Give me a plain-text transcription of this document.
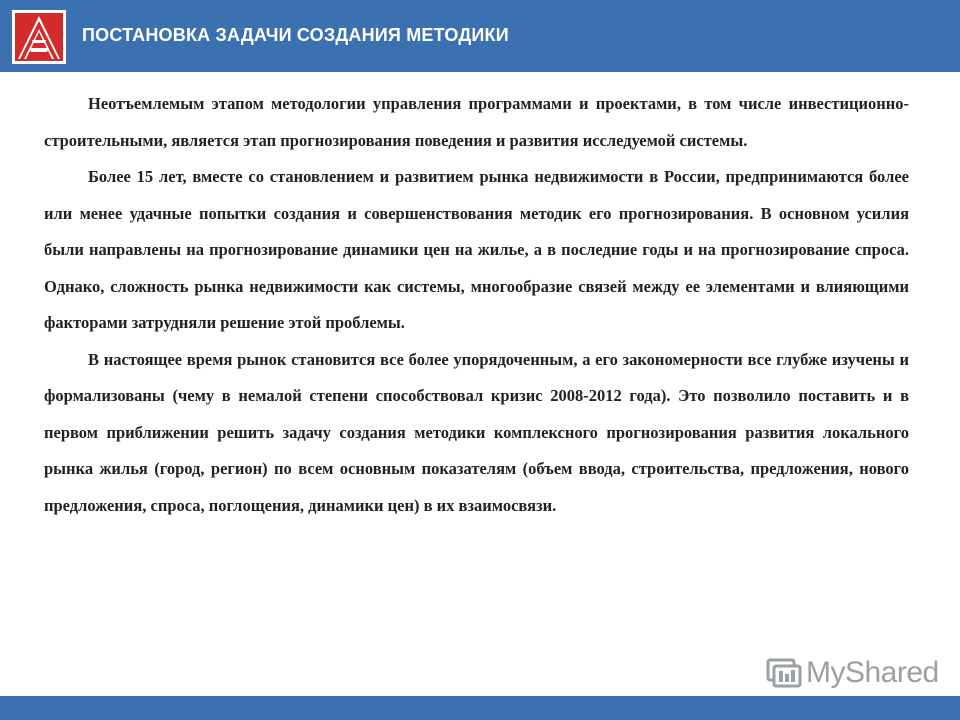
ПОСТАНОВКА ЗАДАЧИ СОЗДАНИЯ МЕТОДИКИ

Неотъемлемым этапом методологии управления программами и проектами, в том числе инвестиционно-строительными, является этап прогнозирования поведения и развития исследуемой системы.

Более 15 лет, вместе со становлением и развитием рынка недвижимости в России, предпринимаются более или менее удачные попытки создания и совершенствования методик его прогнозирования. В основном усилия были направлены на прогнозирование динамики цен на жилье, а в последние годы и на прогнозирование спроса. Однако, сложность рынка недвижимости как системы, многообразие связей между ее элементами и влияющими факторами затрудняли решение этой проблемы.

В настоящее время рынок становится все более упорядоченным, а его закономерности все глубже изучены и формализованы (чему в немалой степени способствовал кризис 2008-2012 года). Это позволило поставить и в первом приближении решить задачу создания методики комплексного прогнозирования развития локального рынка жилья (город, регион) по всем основным показателям (объем ввода, строительства, предложения, нового предложения, спроса, поглощения, динамики цен) в их взаимосвязи.

MyShared
